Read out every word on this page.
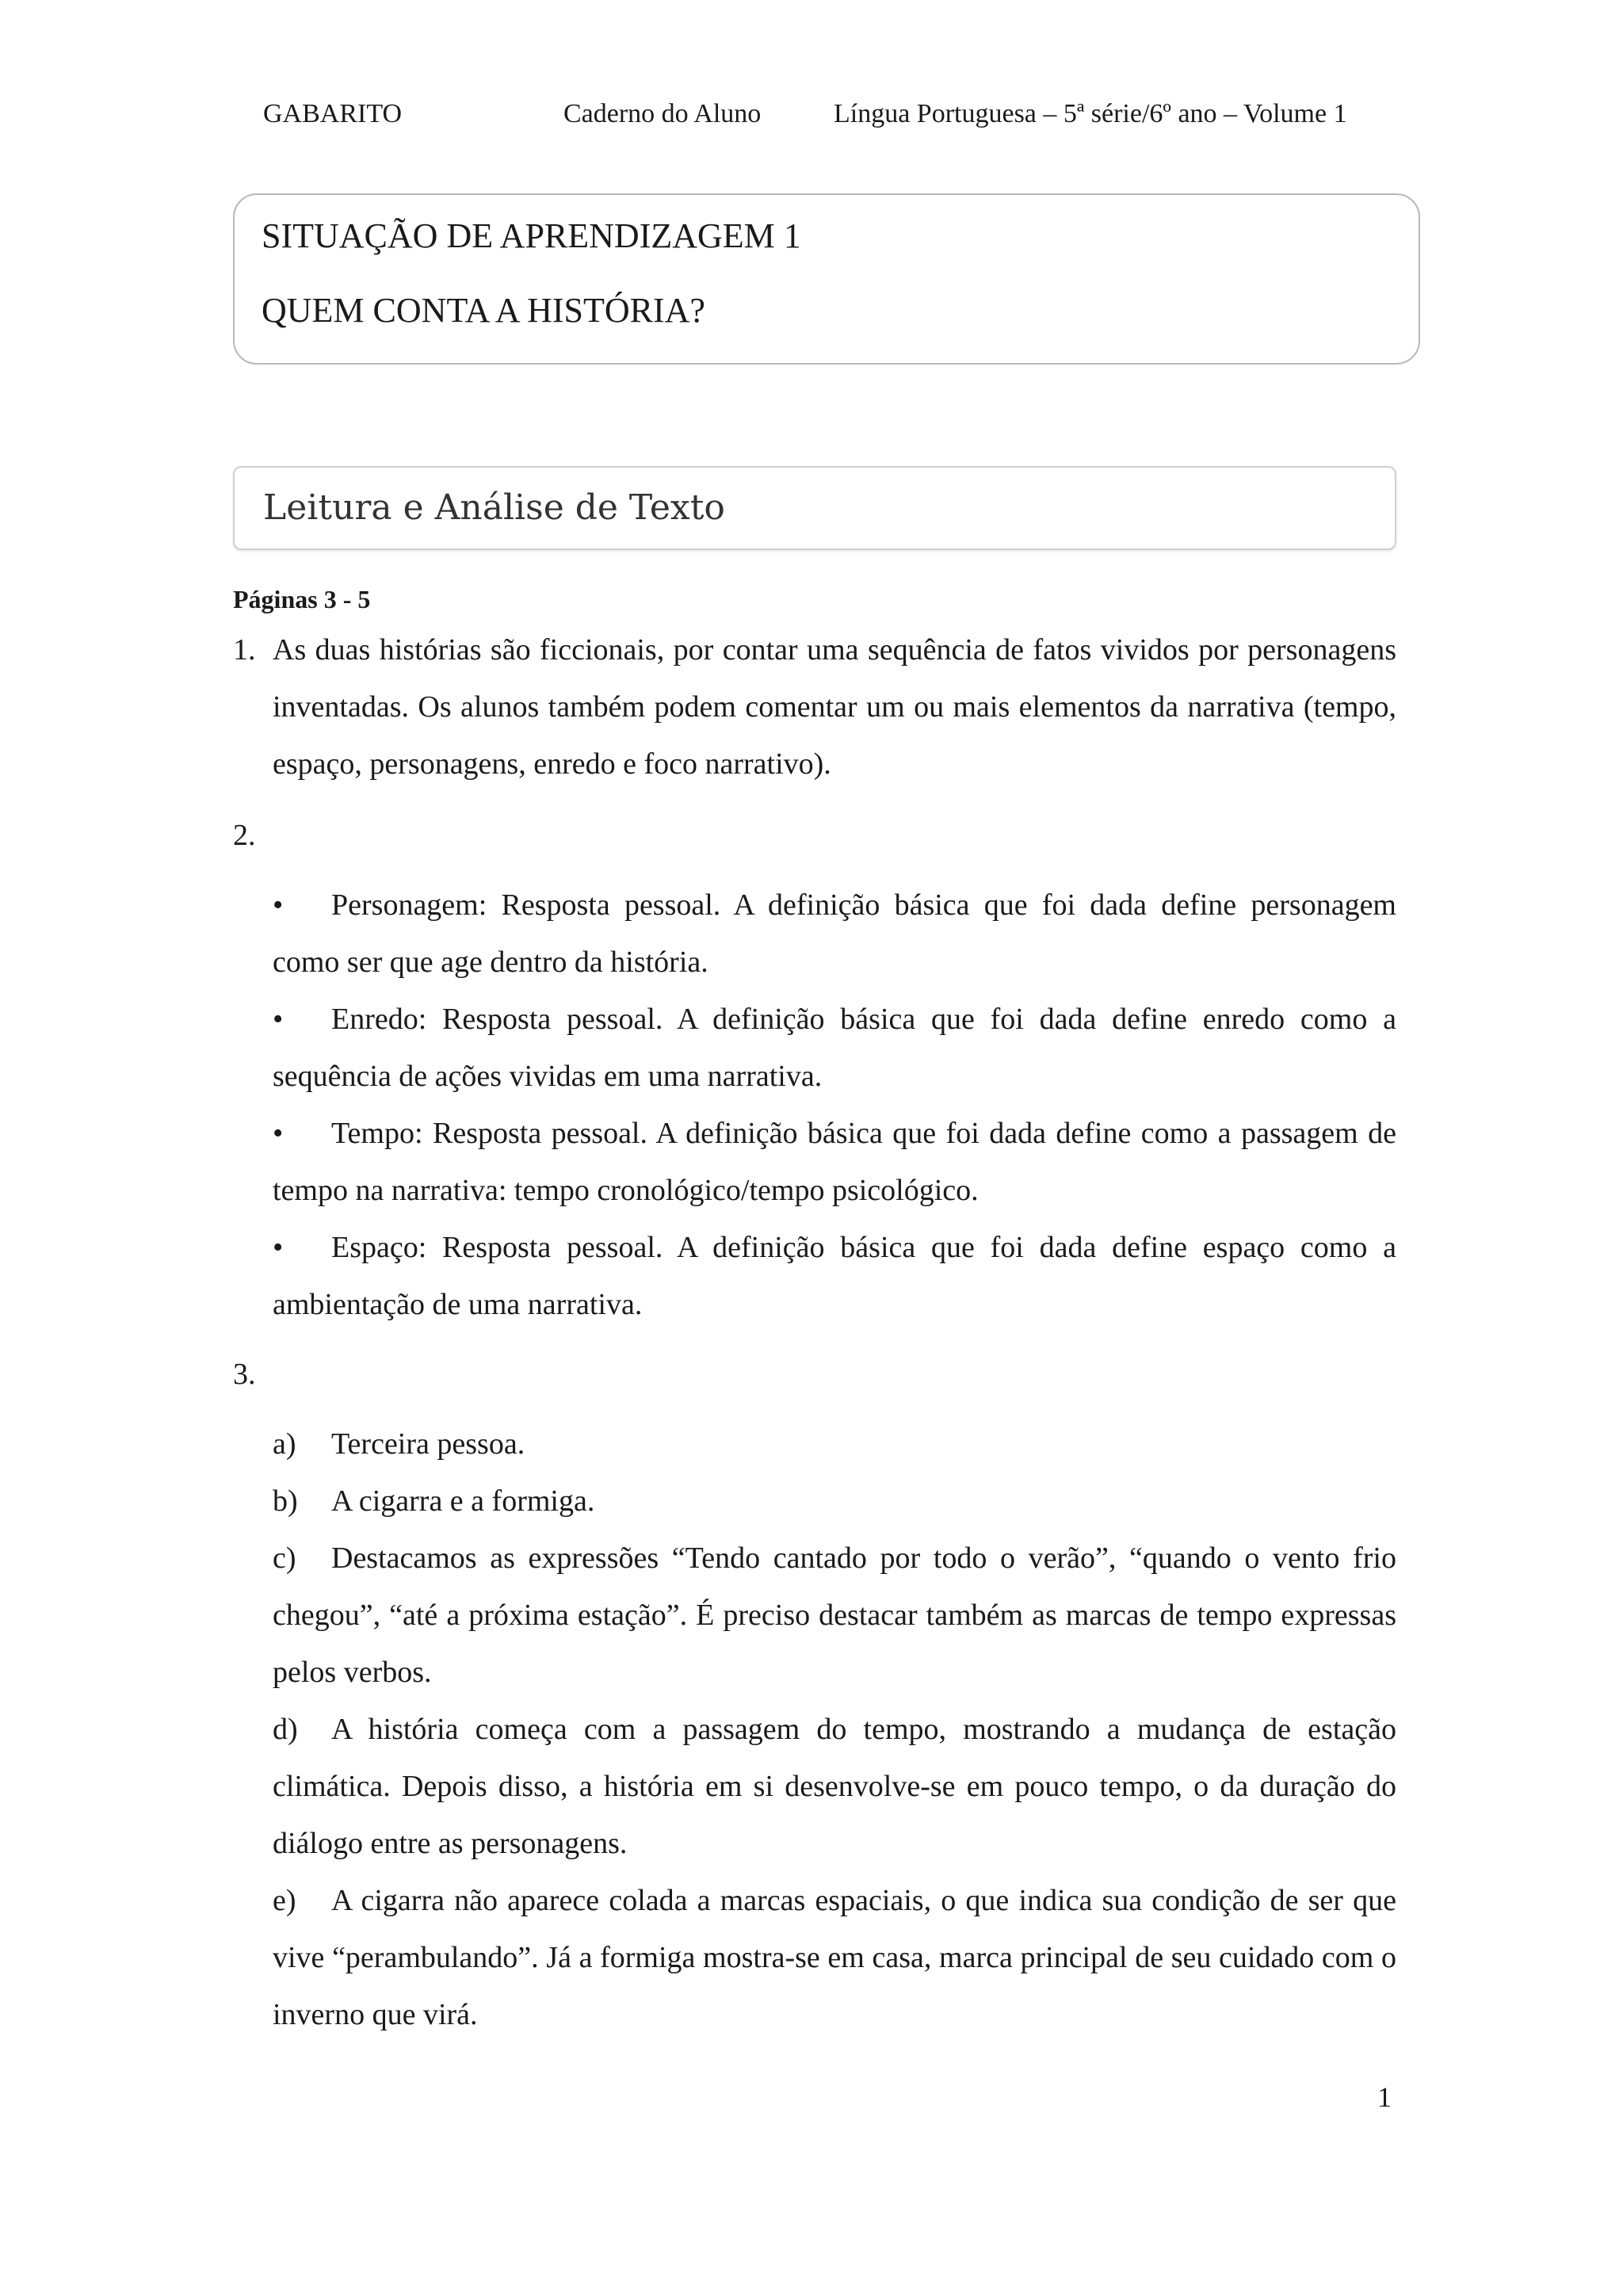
GABARITO	Caderno do Aluno	Língua Portuguesa – 5ª série/6º ano – Volume 1
SITUAÇÃO DE APRENDIZAGEM 1
QUEM CONTA A HISTÓRIA?
Leitura e Análise de Texto
Páginas 3 - 5
1. As duas histórias são ficcionais, por contar uma sequência de fatos vividos por personagens inventadas. Os alunos também podem comentar um ou mais elementos da narrativa (tempo, espaço, personagens, enredo e foco narrativo).
2.
• Personagem: Resposta pessoal. A definição básica que foi dada define personagem como ser que age dentro da história.
• Enredo: Resposta pessoal. A definição básica que foi dada define enredo como a sequência de ações vividas em uma narrativa.
• Tempo: Resposta pessoal. A definição básica que foi dada define como a passagem de tempo na narrativa: tempo cronológico/tempo psicológico.
• Espaço: Resposta pessoal. A definição básica que foi dada define espaço como a ambientação de uma narrativa.
3.
a) Terceira pessoa.
b) A cigarra e a formiga.
c) Destacamos as expressões “Tendo cantado por todo o verão”, “quando o vento frio chegou”, “até a próxima estação”. É preciso destacar também as marcas de tempo expressas pelos verbos.
d) A história começa com a passagem do tempo, mostrando a mudança de estação climática. Depois disso, a história em si desenvolve-se em pouco tempo, o da duração do diálogo entre as personagens.
e) A cigarra não aparece colada a marcas espaciais, o que indica sua condição de ser que vive “perambulando”. Já a formiga mostra-se em casa, marca principal de seu cuidado com o inverno que virá.
1
